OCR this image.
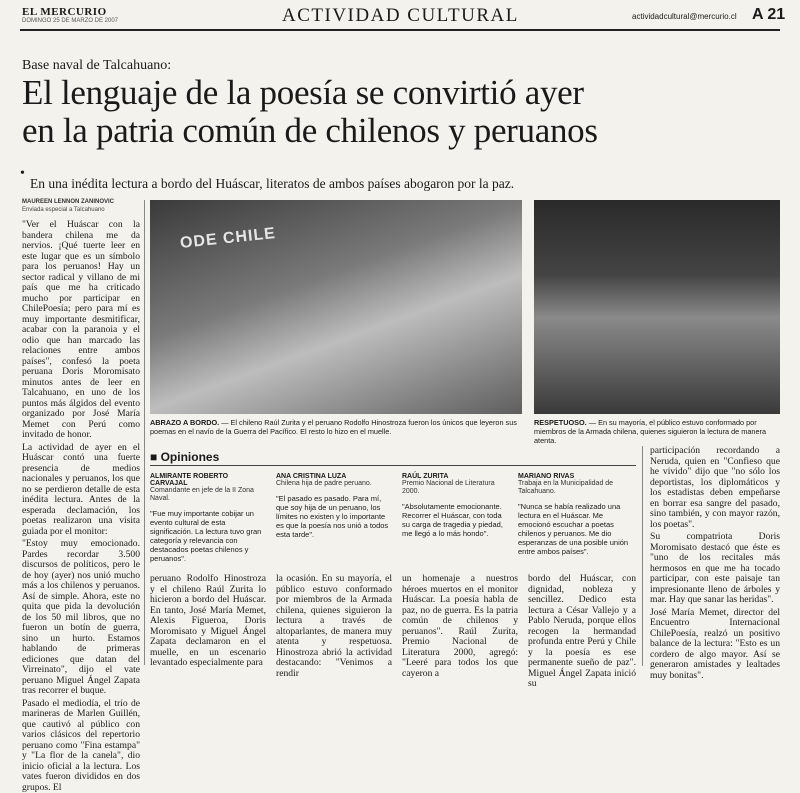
EL MERCURIO
DOMINGO 25 DE MARZO DE 2007	ACTIVIDAD CULTURAL	actividadcultural@mercurio.cl A 21
Base naval de Talcahuano:
El lenguaje de la poesía se convirtió ayer
en la patria común de chilenos y peruanos
•
En una inédita lectura a bordo del Huáscar, literatos de ambos países abogaron por la paz.
MAUREEN LENNON ZANINOVIC
Enviada especial a Talcahuano

"Ver el Huáscar con la bandera chilena me da nervios. ¡Qué tuerte leer en este lugar que es un símbolo para los peruanos! Hay un sector radical y villano de mi país que me ha criticado mucho por participar en ChilePoesía; pero para mí es muy importante desmitificar, acabar con la paranoia y el odio que han marcado las relaciones entre ambos países", confesó la poeta peruana Doris Moromisato minutos antes de leer en Talcahuano, en uno de los puntos más álgidos del evento organizado por José María Memet con Perú como invitado de honor.

La actividad de ayer en el Huáscar contó una fuerte presencia de medios nacionales y peruanos, los que no se perdieron detalle de esta inédita lectura. Antes de la esperada declamación, los poetas realizaron una visita guiada por el monitor:

"Estoy muy emocionado. Pardes recordar 3.500 discursos de políticos, pero le de hoy (ayer) nos unió mucho más a los chilenos y peruanos. Así de simple. Ahora, este no quita que pida la devolución de los 50 mil libros, que no fueron un botín de guerra, sino un hurto. Estamos hablando de primeras ediciones que datan del Virreinato", dijo el vate peruano Miguel Ángel Zapata tras recorrer el buque.

Pasado el mediodía, el trío de marineras de Marlen Guillén, que cautivó al público con varios clásicos del repertorio peruano como "Fina estampa" y "La flor de la canela", dio inicio oficial a la lectura. Los vates fueron divididos en dos grupos. El

ODE CHILE
ABRAZO A BORDO. — El chileno Raúl Zurita y el peruano Rodolfo Hinostroza fueron los únicos que leyeron sus poemas en el navío de la Guerra del Pacífico. El resto lo hizo en el muelle.
RESPETUOSO. — En su mayoría, el público estuvo conformado por miembros de la Armada chilena, quienes siguieron la lectura de manera atenta.
■ Opiniones
ALMIRANTE ROBERTO CARVAJAL
Comandante en jefe de la II Zona Naval.
"Fue muy importante cobijar un evento cultural de esta significación. La lectura tuvo gran categoría y relevancia con destacados poetas chilenos y peruanos".
ANA CRISTINA LUZA
Chilena hija de padre peruano.
"El pasado es pasado. Para mí, que soy hija de un peruano, los límites no existen y lo importante es que la poesía nos unió a todos esta tarde".
RAÚL ZURITA
Premio Nacional de Literatura 2000.
"Absolutamente emocionante. Recorrer el Huáscar, con toda su carga de tragedia y piedad, me llegó a lo más hondo".
MARIANO RIVAS
Trabaja en la Municipalidad de Talcahuano.
"Nunca se había realizado una lectura en el Huáscar. Me emocionó escuchar a poetas chilenos y peruanos. Me dio esperanzas de una posible unión entre ambos países".
peruano Rodolfo Hinostroza y el chileno Raúl Zurita lo hicieron a bordo del Huáscar. En tanto, José María Memet, Alexis Figueroa, Doris Moromisato y Miguel Ángel Zapata declamaron en el muelle, en un escenario levantado especialmente para
la ocasión. En su mayoría, el público estuvo conformado por miembros de la Armada chilena, quienes siguieron la lectura a través de altoparlantes, de manera muy atenta y respetuosa. Hinostroza abrió la actividad destacando: "Venimos a rendir
un homenaje a nuestros héroes muertos en el monitor Huáscar. La poesía habla de paz, no de guerra. Es la patria común de chilenos y peruanos". Raúl Zurita, Premio Nacional de Literatura 2000, agregó: "Leeré para todos los que cayeron a
bordo del Huáscar, con dignidad, nobleza y sencillez. Dedico esta lectura a César Vallejo y a Pablo Neruda, porque ellos recogen la hermandad profunda entre Perú y Chile y la poesía es ese permanente sueño de paz". Miguel Ángel Zapata inició su

participación recordando a Neruda, quien en "Confieso que he vivido" dijo que "no sólo los deportistas, los diplomáticos y los estadistas deben empeñarse en borrar esa sangre del pasado, sino también, y con mayor razón, los poetas".

Su compatriota Doris Moromisato destacó que éste es "uno de los recitales más hermosos en que me ha tocado participar, con este paisaje tan impresionante lleno de árboles y mar. Hay que sanar las heridas".

José María Memet, director del Encuentro Internacional ChilePoesía, realzó un positivo balance de la lectura: "Esto es un cordero de algo mayor. Así se generaron amistades y lealtades muy bonitas".
